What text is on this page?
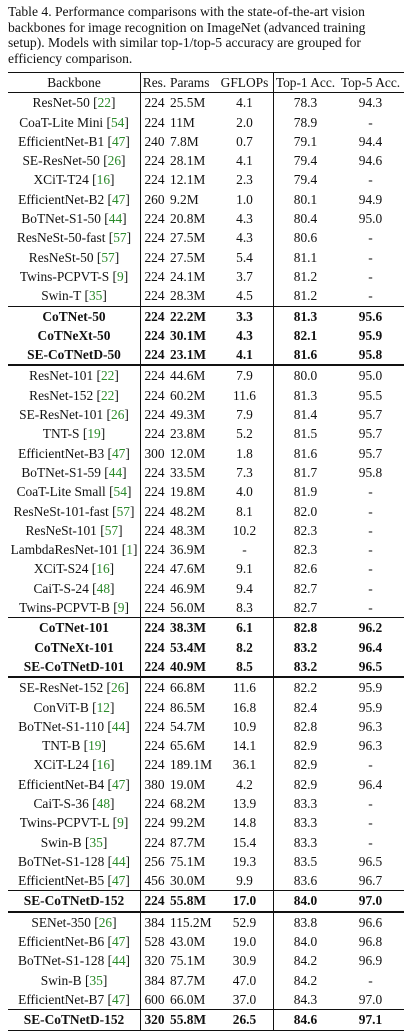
Table 4. Performance comparisons with the state-of-the-art vision backbones for image recognition on ImageNet (advanced training setup). Models with similar top-1/top-5 accuracy are grouped for efficiency comparison.
Backbone	Res.	Params	GFLOPs	Top-1 Acc.	Top-5 Acc.
ResNet-50 [22]	224	25.5M	4.1	78.3	94.3
CoaT-Lite Mini [54]	224	11M	2.0	78.9	-
EfficientNet-B1 [47]	240	7.8M	0.7	79.1	94.4
SE-ResNet-50 [26]	224	28.1M	4.1	79.4	94.6
XCiT-T24 [16]	224	12.1M	2.3	79.4	-
EfficientNet-B2 [47]	260	9.2M	1.0	80.1	94.9
BoTNet-S1-50 [44]	224	20.8M	4.3	80.4	95.0
ResNeSt-50-fast [57]	224	27.5M	4.3	80.6	-
ResNeSt-50 [57]	224	27.5M	5.4	81.1	-
Twins-PCPVT-S [9]	224	24.1M	3.7	81.2	-
Swin-T [35]	224	28.3M	4.5	81.2	-
CoTNet-50	224	22.2M	3.3	81.3	95.6
CoTNeXt-50	224	30.1M	4.3	82.1	95.9
SE-CoTNetD-50	224	23.1M	4.1	81.6	95.8
ResNet-101 [22]	224	44.6M	7.9	80.0	95.0
ResNet-152 [22]	224	60.2M	11.6	81.3	95.5
SE-ResNet-101 [26]	224	49.3M	7.9	81.4	95.7
TNT-S [19]	224	23.8M	5.2	81.5	95.7
EfficientNet-B3 [47]	300	12.0M	1.8	81.6	95.7
BoTNet-S1-59 [44]	224	33.5M	7.3	81.7	95.8
CoaT-Lite Small [54]	224	19.8M	4.0	81.9	-
ResNeSt-101-fast [57]	224	48.2M	8.1	82.0	-
ResNeSt-101 [57]	224	48.3M	10.2	82.3	-
LambdaResNet-101 [1]	224	36.9M	-	82.3	-
XCiT-S24 [16]	224	47.6M	9.1	82.6	-
CaiT-S-24 [48]	224	46.9M	9.4	82.7	-
Twins-PCPVT-B [9]	224	56.0M	8.3	82.7	-
CoTNet-101	224	38.3M	6.1	82.8	96.2
CoTNeXt-101	224	53.4M	8.2	83.2	96.4
SE-CoTNetD-101	224	40.9M	8.5	83.2	96.5
SE-ResNet-152 [26]	224	66.8M	11.6	82.2	95.9
ConViT-B [12]	224	86.5M	16.8	82.4	95.9
BoTNet-S1-110 [44]	224	54.7M	10.9	82.8	96.3
TNT-B [19]	224	65.6M	14.1	82.9	96.3
XCiT-L24 [16]	224	189.1M	36.1	82.9	-
EfficientNet-B4 [47]	380	19.0M	4.2	82.9	96.4
CaiT-S-36 [48]	224	68.2M	13.9	83.3	-
Twins-PCPVT-L [9]	224	99.2M	14.8	83.3	-
Swin-B [35]	224	87.7M	15.4	83.3	-
BoTNet-S1-128 [44]	256	75.1M	19.3	83.5	96.5
EfficientNet-B5 [47]	456	30.0M	9.9	83.6	96.7
SE-CoTNetD-152	224	55.8M	17.0	84.0	97.0
SENet-350 [26]	384	115.2M	52.9	83.8	96.6
EfficientNet-B6 [47]	528	43.0M	19.0	84.0	96.8
BoTNet-S1-128 [44]	320	75.1M	30.9	84.2	96.9
Swin-B [35]	384	87.7M	47.0	84.2	-
EfficientNet-B7 [47]	600	66.0M	37.0	84.3	97.0
SE-CoTNetD-152	320	55.8M	26.5	84.6	97.1
